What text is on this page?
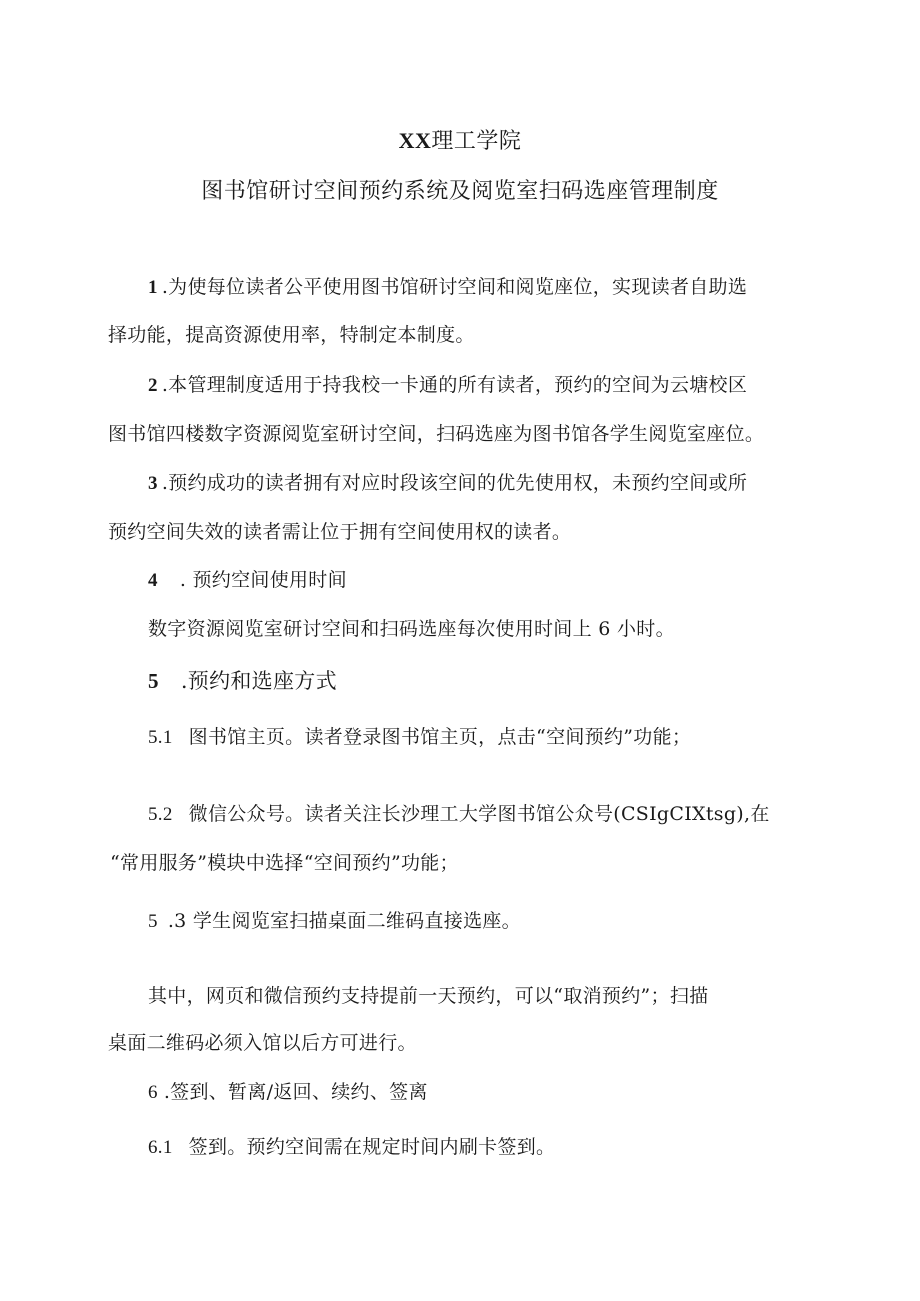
XX理工学院
图书馆研讨空间预约系统及阅览室扫码选座管理制度
1 .为使每位读者公平使用图书馆研讨空间和阅览座位，实现读者自助选
择功能，提高资源使用率，特制定本制度。
2 .本管理制度适用于持我校一卡通的所有读者，预约的空间为云塘校区
图书馆四楼数字资源阅览室研讨空间，扫码选座为图书馆各学生阅览室座位。
3 .预约成功的读者拥有对应时段该空间的优先使用权，未预约空间或所
预约空间失效的读者需让位于拥有空间使用权的读者。
4 . 预约空间使用时间
数字资源阅览室研讨空间和扫码选座每次使用时间上 6 小时。
5 .预约和选座方式
5.1 图书馆主页。读者登录图书馆主页，点击“空间预约”功能；
5.2 微信公众号。读者关注长沙理工大学图书馆公众号(CSIgCIXtsg),在
“常用服务”模块中选择“空间预约”功能；
5 .3 学生阅览室扫描桌面二维码直接选座。
其中，网页和微信预约支持提前一天预约，可以“取消预约”；扫描
桌面二维码必须入馆以后方可进行。
6 .签到、暂离/返回、续约、签离
6.1 签到。预约空间需在规定时间内刷卡签到。
